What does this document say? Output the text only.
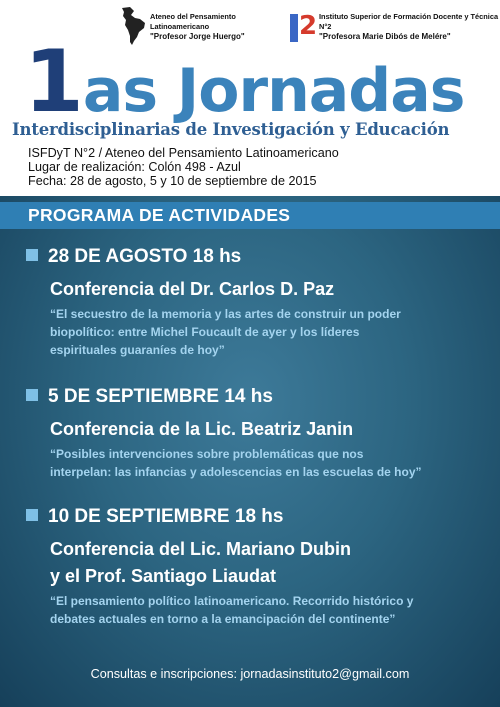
Ateneo del Pensamiento Latinoamericano
"Profesor Jorge Huergo"	2 Instituto Superior de Formación Docente y Técnica N°2
"Profesora Marie Dibós de Melére"
1as Jornadas
Interdisciplinarias de Investigación y Educación
ISFDyT N°2 / Ateneo del Pensamiento Latinoamericano
Lugar de realización: Colón 498 - Azul
Fecha: 28 de agosto, 5 y 10 de septiembre de 2015
PROGRAMA DE ACTIVIDADES
28 DE AGOSTO 18 hs
Conferencia del Dr. Carlos D. Paz
“El secuestro de la memoria y las artes de construir un poder
biopolítico: entre Michel Foucault de ayer y los líderes
espirituales guaraníes de hoy”
5 DE SEPTIEMBRE 14 hs
Conferencia de la Lic. Beatriz Janin
“Posibles intervenciones sobre problemáticas que nos
interpelan: las infancias y adolescencias en las escuelas de hoy”
10 DE SEPTIEMBRE 18 hs
Conferencia del Lic. Mariano Dubin
y el Prof. Santiago Liaudat
“El pensamiento político latinoamericano. Recorrido histórico y
debates actuales en torno a la emancipación del continente”
Consultas e inscripciones: jornadasinstituto2@gmail.com
